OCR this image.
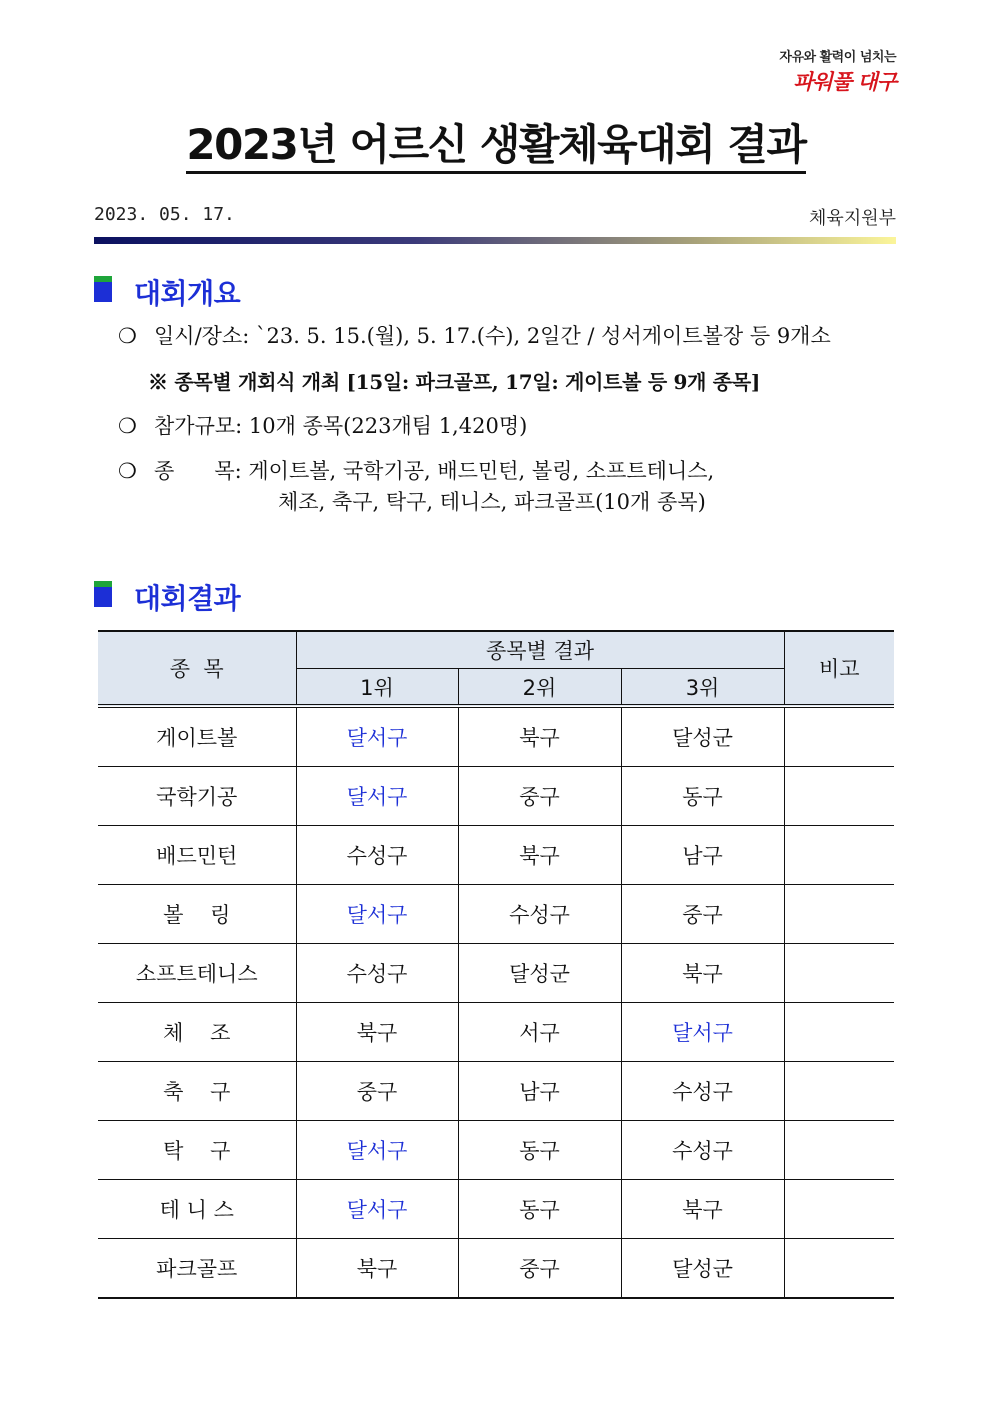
자유와 활력이 넘치는
파워풀 대구
2023년 어르신 생활체육대회 결과
2023. 05. 17.	체육지원부
대회개요
❍ 일시/장소: `23. 5. 15.(월), 5. 17.(수), 2일간 / 성서게이트볼장 등 9개소
※ 종목별 개회식 개최 [15일: 파크골프, 17일: 게이트볼 등 9개 종목]
❍ 참가규모: 10개 종목(223개팀 1,420명)
❍ 종      목: 게이트볼, 국학기공, 배드민턴, 볼링, 소프트테니스,
체조, 축구, 탁구, 테니스, 파크골프(10개 종목)
대회결과
종  목	종목별 결과			비고
	1위	2위	3위	
게이트볼	달서구	북구	달성군	
국학기공	달서구	중구	동구	
배드민턴	수성구	북구	남구	
볼    링	달서구	수성구	중구	
소프트테니스	수성구	달성군	북구	
체    조	북구	서구	달서구	
축    구	중구	남구	수성구	
탁    구	달서구	동구	수성구	
테 니 스	달서구	동구	북구	
파크골프	북구	중구	달성군	
